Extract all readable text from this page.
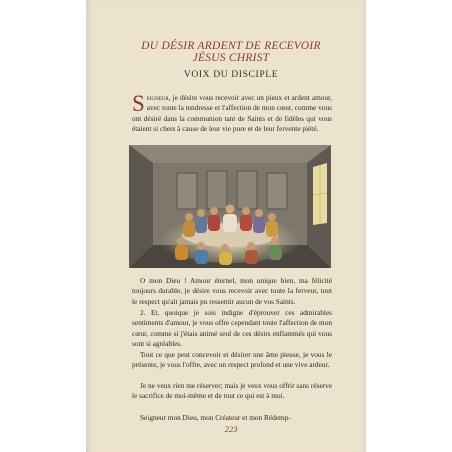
DU DÉSIR ARDENT DE RECEVOIR
JÉSUS CHRIST
VOIX DU DISCIPLE

Seigneur, je désire vous recevoir avec un pieux et ardent amour, avec toute la tendresse et l'affection de mon cœur, comme vous ont désiré dans la communion tant de Saints et de fidèles qui vous étaient si chers à cause de leur vie pure et de leur fervente piété.

O mon Dieu ! Amour éternel, mon unique bien, ma félicité toujours durable, je désire vous recevoir avec toute la ferveur, tout le respect qu'ait jamais pu ressentir aucun de vos Saints.

2. Et, quoique je sois indigne d'éprouver ces admirables sentiments d'amour, je vous offre cependant toute l'affection de mon cœur, comme si j'étais animé seul de ces désirs enflammés qui vous sont si agréables.

Tout ce que peut concevoir et désirer une âme pieuse, je vous le présente, je vous l'offre, avec un respect profond et une vive ardeur.

Je ne veux rien me réserver; mais je veux vous offrir sans réserve le sacrifice de moi-même et de tout ce qui est à moi.

Seigneur mon Dieu, mon Créateur et mon Rédemp-

223
